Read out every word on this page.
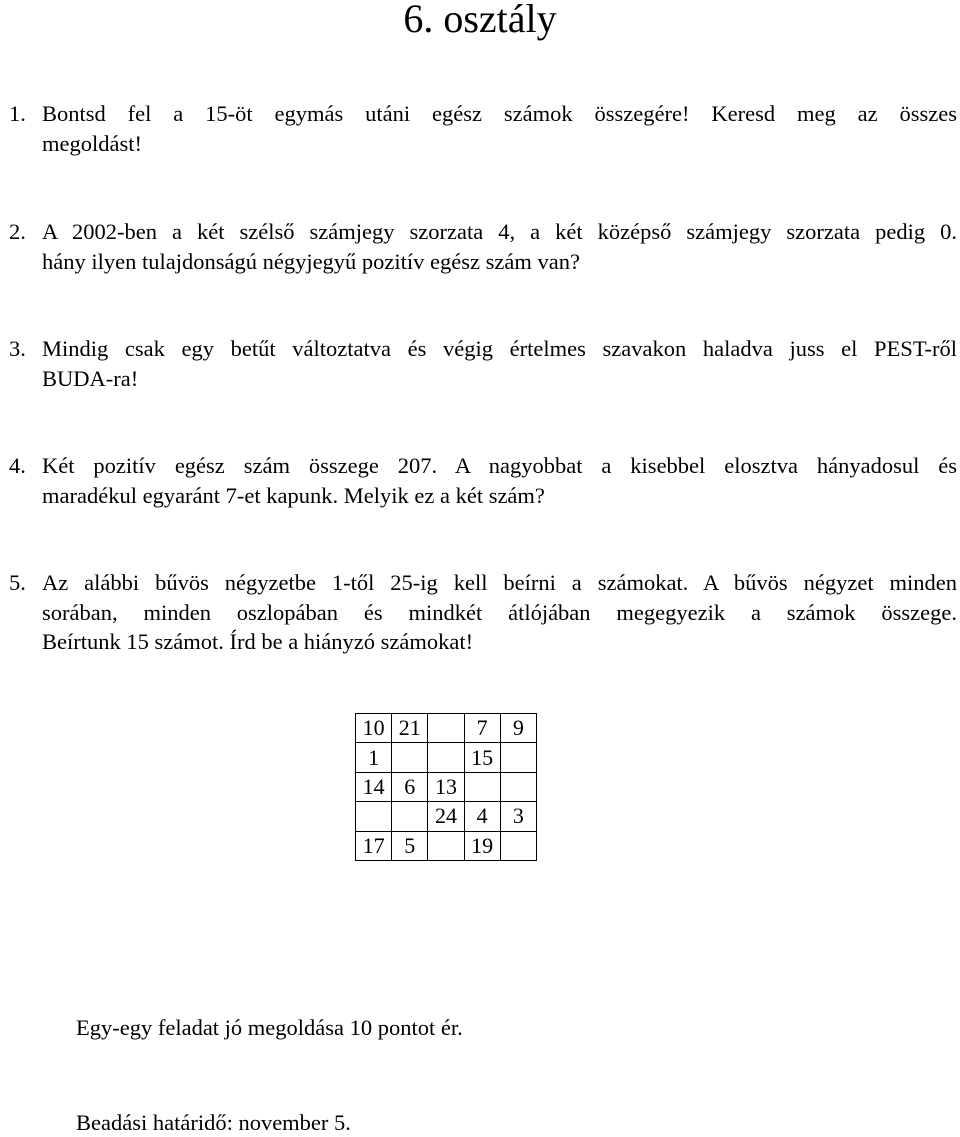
6. osztály
1. Bontsd fel a 15-öt egymás utáni egész számok összegére! Keresd meg az összes
megoldást!
2. A 2002-ben a két szélső számjegy szorzata 4, a két középső számjegy szorzata pedig 0.
hány ilyen tulajdonságú négyjegyű pozitív egész szám van?
3. Mindig csak egy betűt változtatva és végig értelmes szavakon haladva juss el PEST-ről
BUDA-ra!
4. Két pozitív egész szám összege 207. A nagyobbat a kisebbel elosztva hányadosul és
maradékul egyaránt 7-et kapunk. Melyik ez a két szám?
5. Az alábbi bűvös négyzetbe 1-től 25-ig kell beírni a számokat. A bűvös négyzet minden
sorában, minden oszlopában és mindkét átlójában megegyezik a számok összege.
Beírtunk 15 számot. Írd be a hiányzó számokat!
10	21		7	9
1			15	
14	6	13		
		24	4	3
17	5		19	
Egy-egy feladat jó megoldása 10 pontot ér.
Beadási határidő: november 5.
